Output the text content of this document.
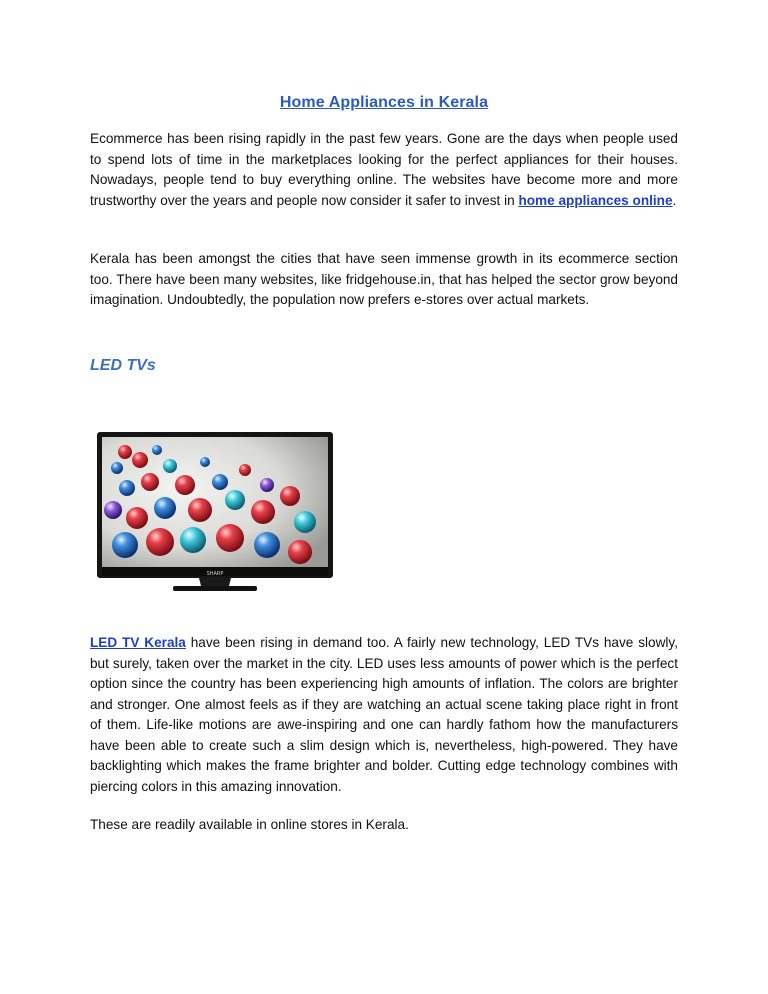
Home Appliances in Kerala

Ecommerce has been rising rapidly in the past few years. Gone are the days when people used to spend lots of time in the marketplaces looking for the perfect appliances for their houses. Nowadays, people tend to buy everything online. The websites have become more and more trustworthy over the years and people now consider it safer to invest in home appliances online.

Kerala has been amongst the cities that have seen immense growth in its ecommerce section too. There have been many websites, like fridgehouse.in, that has helped the sector grow beyond imagination. Undoubtedly, the population now prefers e-stores over actual markets.

LED TVs
SHARP

LED TV Kerala have been rising in demand too. A fairly new technology, LED TVs have slowly, but surely, taken over the market in the city. LED uses less amounts of power which is the perfect option since the country has been experiencing high amounts of inflation. The colors are brighter and stronger. One almost feels as if they are watching an actual scene taking place right in front of them. Life-like motions are awe-inspiring and one can hardly fathom how the manufacturers have been able to create such a slim design which is, nevertheless, high-powered. They have backlighting which makes the frame brighter and bolder. Cutting edge technology combines with piercing colors in this amazing innovation.

These are readily available in online stores in Kerala.
